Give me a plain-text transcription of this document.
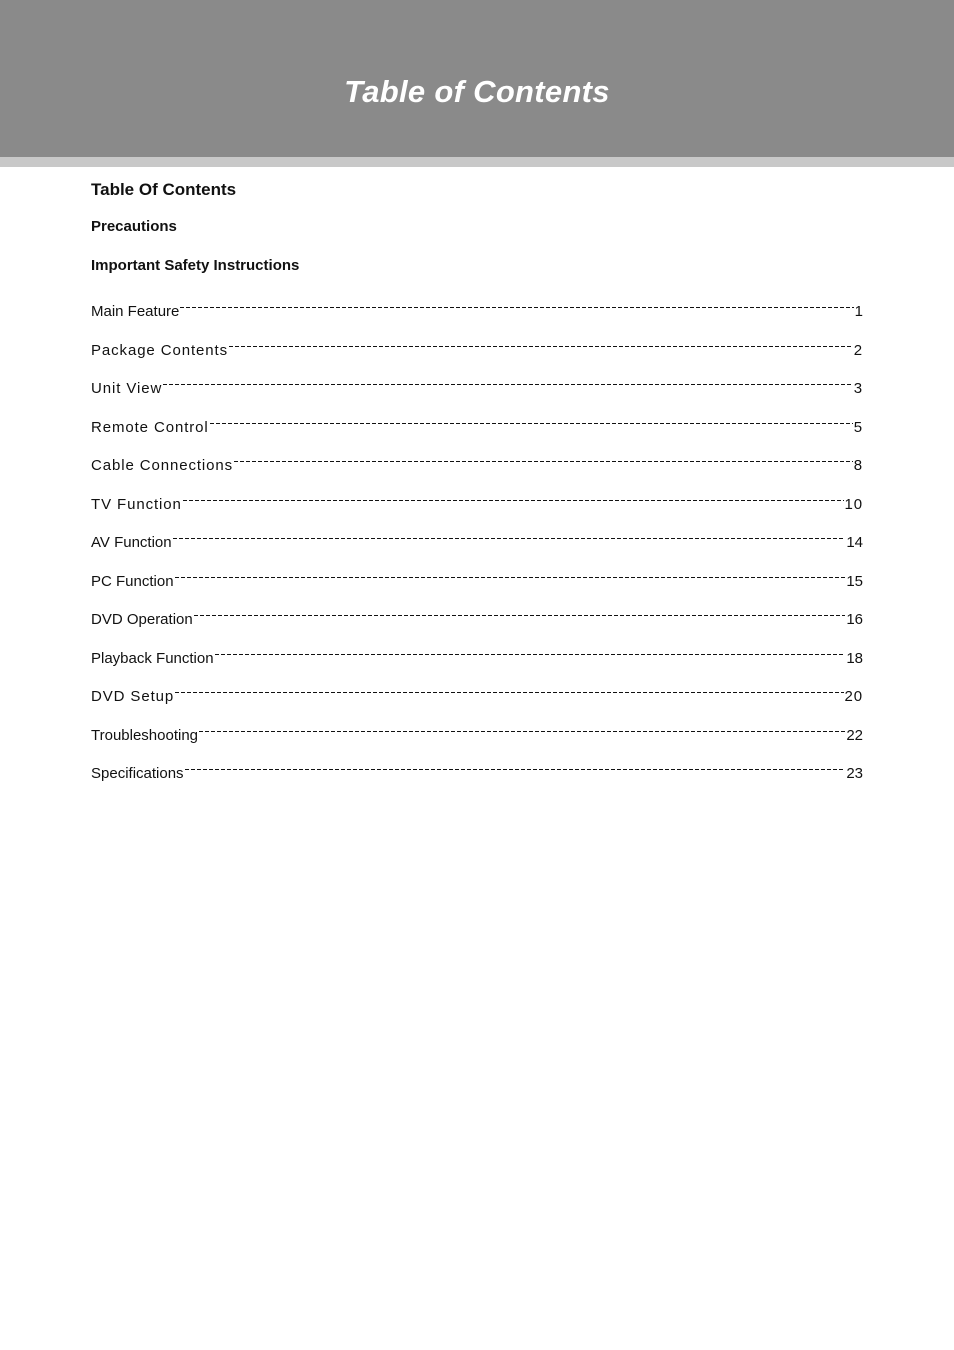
Table of Contents
Table Of Contents
Precautions
Important Safety Instructions
Main Feature	1
Package Contents	2
Unit View	3
Remote Control	5
Cable Connections	8
TV Function	10
AV Function	14
PC Function	15
DVD Operation	16
Playback Function	18
DVD Setup	20
Troubleshooting	22
Specifications	23
